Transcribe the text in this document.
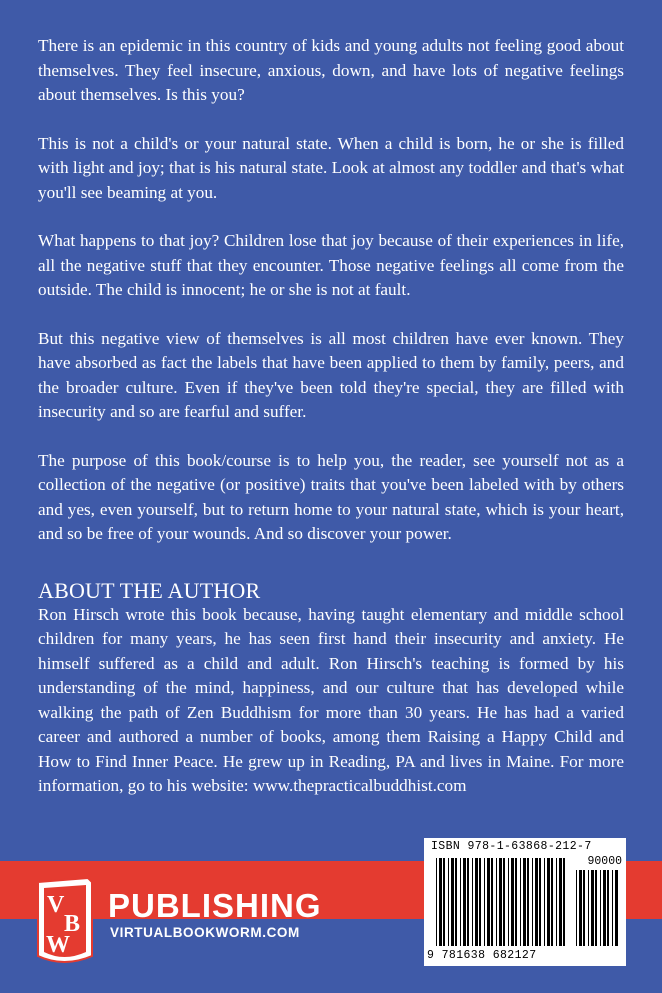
There is an epidemic in this country of kids and young adults not feeling good about themselves. They feel insecure, anxious, down, and have lots of negative feelings about themselves. Is this you?

This is not a child's or your natural state. When a child is born, he or she is filled with light and joy; that is his natural state. Look at almost any toddler and that's what you'll see beaming at you.

What happens to that joy? Children lose that joy because of their experiences in life, all the negative stuff that they encounter. Those negative feelings all come from the outside. The child is innocent; he or she is not at fault.

But this negative view of themselves is all most children have ever known. They have absorbed as fact the labels that have been applied to them by family, peers, and the broader culture. Even if they've been told they're special, they are filled with insecurity and so are fearful and suffer.

The purpose of this book/course is to help you, the reader, see yourself not as a collection of the negative (or positive) traits that you've been labeled with by others and yes, even yourself, but to return home to your natural state, which is your heart, and so be free of your wounds. And so discover your power.

ABOUT THE AUTHOR

Ron Hirsch wrote this book because, having taught elementary and middle school children for many years, he has seen first hand their insecurity and anxiety. He himself suffered as a child and adult. Ron Hirsch's teaching is formed by his understanding of the mind, happiness, and our culture that has developed while walking the path of Zen Buddhism for more than 30 years. He has had a varied career and authored a number of books, among them Raising a Happy Child and How to Find Inner Peace. He grew up in Reading, PA and lives in Maine. For more information, go to his website: www.thepracticalbuddhist.com

V
B
W
PUBLISHING
VIRTUALBOOKWORM.COM
ISBN 978-1-63868-212-7
90000
9 781638 682127
